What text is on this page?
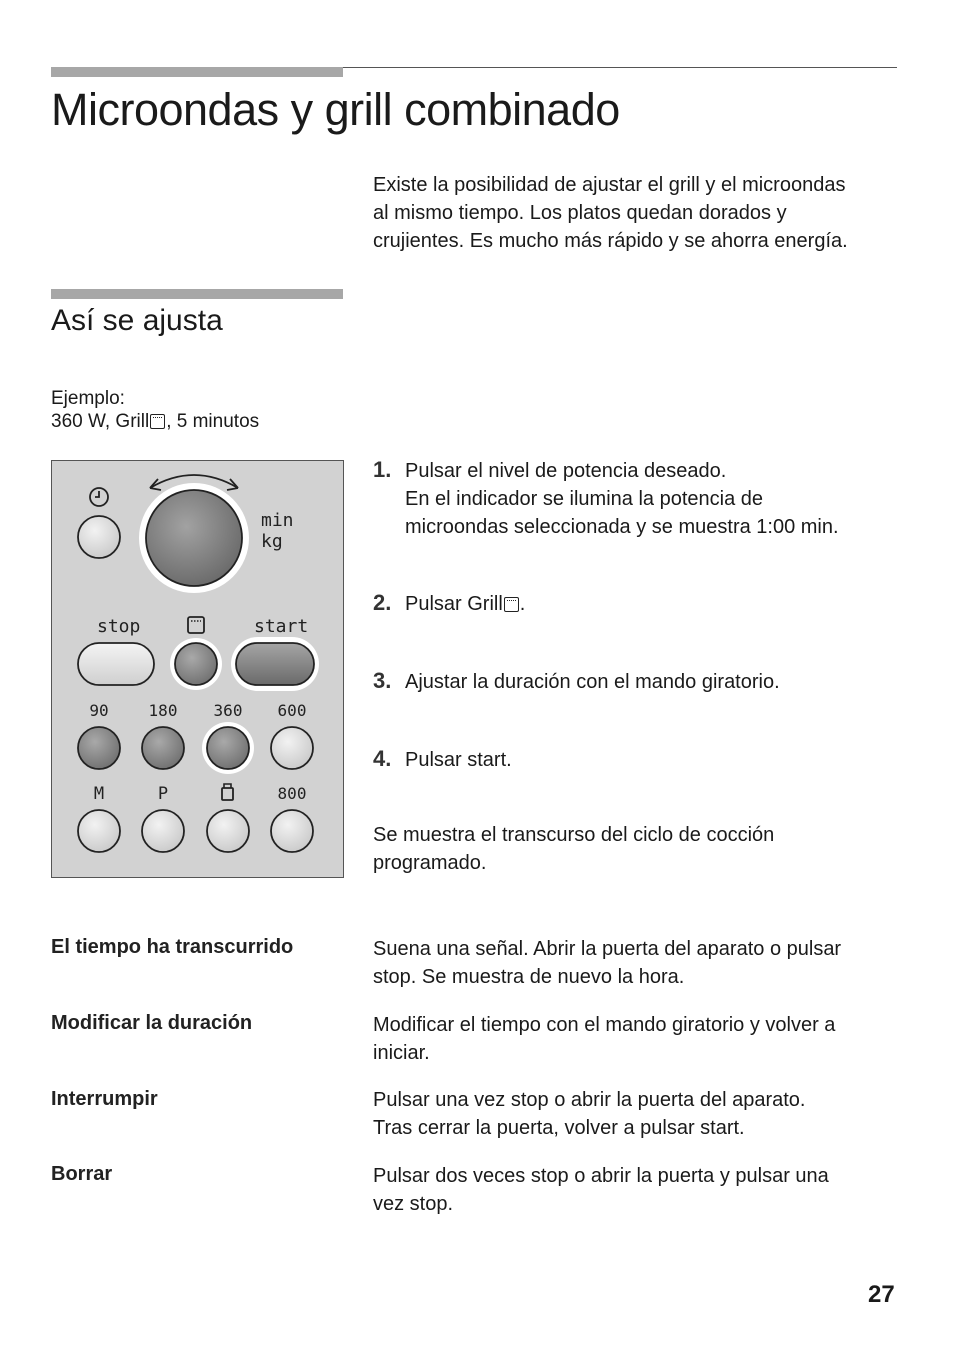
Microondas y grill combinado
Existe la posibilidad de ajustar el grill y el microondas
al mismo tiempo. Los platos quedan dorados y
crujientes. Es mucho más rápido y se ahorra energía.
Así se ajusta
Ejemplo:
360 W, Grill , 5 minutos
min
kg
stop	start
90 180 360 600
M	P	800
1. Pulsar el nivel de potencia deseado.
En el indicador se ilumina la potencia de
microondas seleccionada y se muestra 1:00 min.
2. Pulsar Grill .
3. Ajustar la duración con el mando giratorio.
4. Pulsar start.
Se muestra el transcurso del ciclo de cocción
programado.
El tiempo ha transcurrido	Suena una señal. Abrir la puerta del aparato o pulsar
stop. Se muestra de nuevo la hora.
Modificar la duración	Modificar el tiempo con el mando giratorio y volver a
iniciar.
Interrumpir	Pulsar una vez stop o abrir la puerta del aparato.
Tras cerrar la puerta, volver a pulsar start.
Borrar	Pulsar dos veces stop o abrir la puerta y pulsar una
vez stop.
27
